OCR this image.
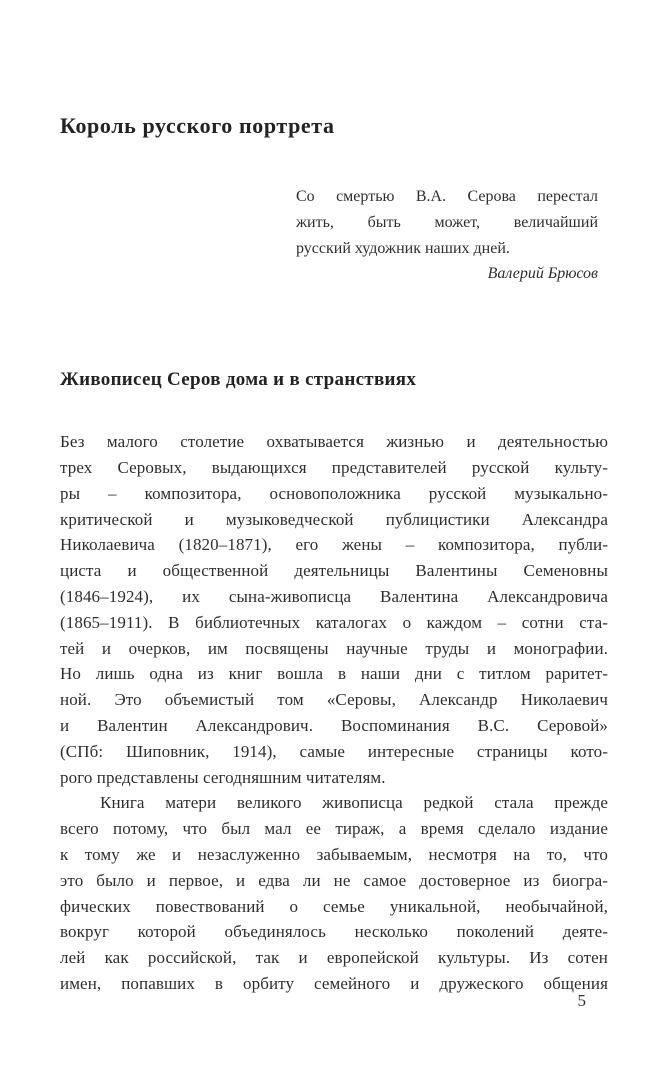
Король русского портрета
Со смертью В.А. Серова перестал
жить, быть может, величайший
русский художник наших дней.
Валерий Брюсов
Живописец Серов дома и в странствиях
Без малого столетие охватывается жизнью и деятельностью
трех Серовых, выдающихся представителей русской культу-
ры – композитора, основоположника русской музыкально-
критической и музыковедческой публицистики Александра
Николаевича (1820–1871), его жены – композитора, публи-
циста и общественной деятельницы Валентины Семеновны
(1846–1924), их сына-живописца Валентина Александровича
(1865–1911). В библиотечных каталогах о каждом – сотни ста-
тей и очерков, им посвящены научные труды и монографии.
Но лишь одна из книг вошла в наши дни с титлом раритет-
ной. Это объемистый том «Серовы, Александр Николаевич
и Валентин Александрович. Воспоминания В.С. Серовой»
(СПб: Шиповник, 1914), самые интересные страницы кото-
рого представлены сегодняшним читателям.
Книга матери великого живописца редкой стала прежде
всего потому, что был мал ее тираж, а время сделало издание
к тому же и незаслуженно забываемым, несмотря на то, что
это было и первое, и едва ли не самое достоверное из биогра-
фических повествований о семье уникальной, необычайной,
вокруг которой объединялось несколько поколений деяте-
лей как российской, так и европейской культуры. Из сотен
имен, попавших в орбиту семейного и дружеского общения
5
